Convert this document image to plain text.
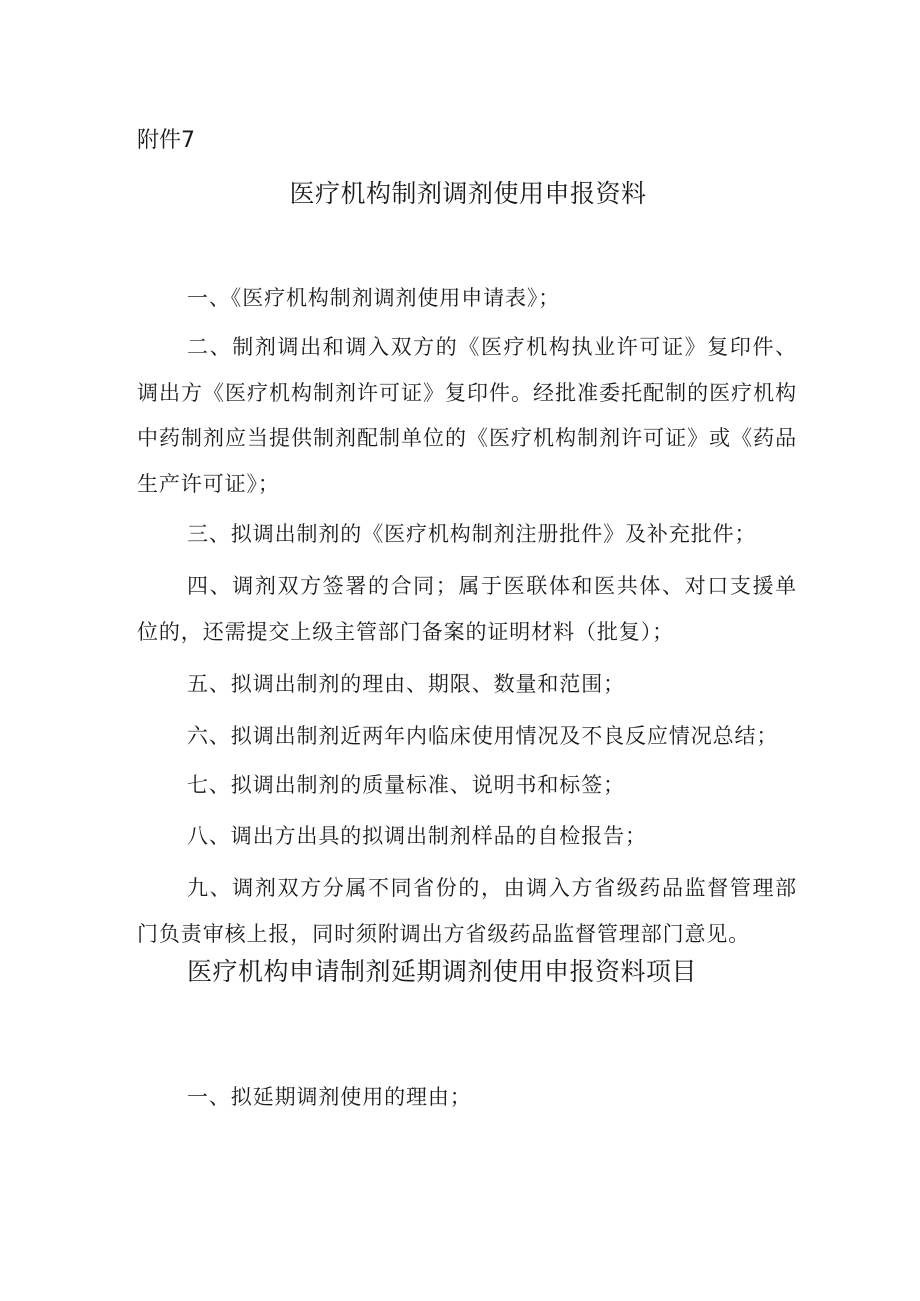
附件7
医疗机构制剂调剂使用申报资料

一、《医疗机构制剂调剂使用申请表》；

二、制剂调出和调入双方的《医疗机构执业许可证》复印件、调出方《医疗机构制剂许可证》复印件。经批准委托配制的医疗机构中药制剂应当提供制剂配制单位的《医疗机构制剂许可证》或《药品生产许可证》；

三、拟调出制剂的《医疗机构制剂注册批件》及补充批件；

四、调剂双方签署的合同；属于医联体和医共体、对口支援单位的，还需提交上级主管部门备案的证明材料（批复）；

五、拟调出制剂的理由、期限、数量和范围；

六、拟调出制剂近两年内临床使用情况及不良反应情况总结；

七、拟调出制剂的质量标准、说明书和标签；

八、调出方出具的拟调出制剂样品的自检报告；

九、调剂双方分属不同省份的，由调入方省级药品监督管理部门负责审核上报，同时须附调出方省级药品监督管理部门意见。

医疗机构申请制剂延期调剂使用申报资料项目

一、拟延期调剂使用的理由；
